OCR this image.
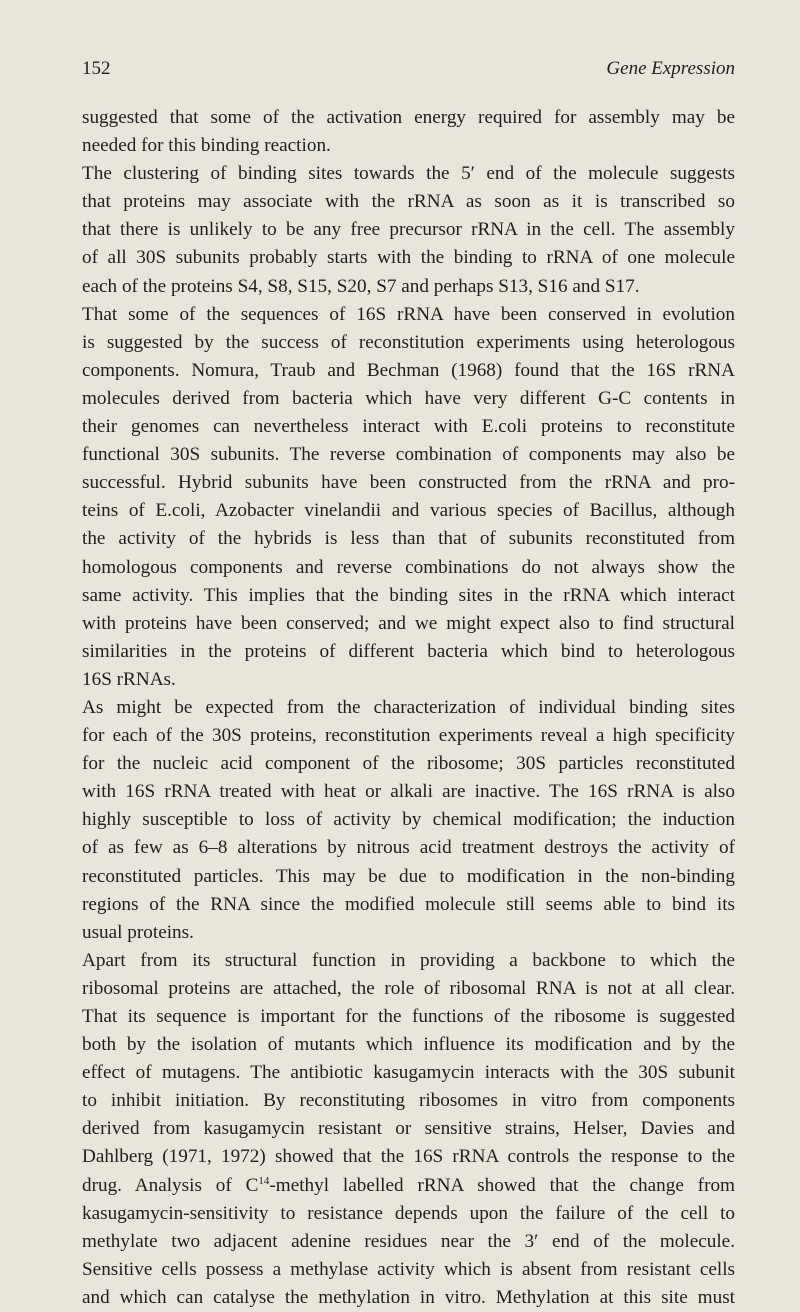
152	Gene Expression
suggested that some of the activation energy required for assembly may be
needed for this binding reaction.
The clustering of binding sites towards the 5′ end of the molecule suggests
that proteins may associate with the rRNA as soon as it is transcribed so
that there is unlikely to be any free precursor rRNA in the cell. The assembly
of all 30S subunits probably starts with the binding to rRNA of one molecule
each of the proteins S4, S8, S15, S20, S7 and perhaps S13, S16 and S17.
That some of the sequences of 16S rRNA have been conserved in evolution
is suggested by the success of reconstitution experiments using heterologous
components. Nomura, Traub and Bechman (1968) found that the 16S rRNA
molecules derived from bacteria which have very different G-C contents in
their genomes can nevertheless interact with E.coli proteins to reconstitute
functional 30S subunits. The reverse combination of components may also be
successful. Hybrid subunits have been constructed from the rRNA and pro-
teins of E.coli, Azobacter vinelandii and various species of Bacillus, although
the activity of the hybrids is less than that of subunits reconstituted from
homologous components and reverse combinations do not always show the
same activity. This implies that the binding sites in the rRNA which interact
with proteins have been conserved; and we might expect also to find structural
similarities in the proteins of different bacteria which bind to heterologous
16S rRNAs.
As might be expected from the characterization of individual binding sites
for each of the 30S proteins, reconstitution experiments reveal a high specificity
for the nucleic acid component of the ribosome; 30S particles reconstituted
with 16S rRNA treated with heat or alkali are inactive. The 16S rRNA is also
highly susceptible to loss of activity by chemical modification; the induction
of as few as 6–8 alterations by nitrous acid treatment destroys the activity of
reconstituted particles. This may be due to modification in the non-binding
regions of the RNA since the modified molecule still seems able to bind its
usual proteins.
Apart from its structural function in providing a backbone to which the
ribosomal proteins are attached, the role of ribosomal RNA is not at all clear.
That its sequence is important for the functions of the ribosome is suggested
both by the isolation of mutants which influence its modification and by the
effect of mutagens. The antibiotic kasugamycin interacts with the 30S subunit
to inhibit initiation. By reconstituting ribosomes in vitro from components
derived from kasugamycin resistant or sensitive strains, Helser, Davies and
Dahlberg (1971, 1972) showed that the 16S rRNA controls the response to the
drug. Analysis of $C^{14}$-methyl labelled rRNA showed that the change from
kasugamycin-sensitivity to resistance depends upon the failure of the cell to
methylate two adjacent adenine residues near the 3′ end of the molecule.
Sensitive cells possess a methylase activity which is absent from resistant cells
and which can catalyse the methylation in vitro. Methylation at this site must
